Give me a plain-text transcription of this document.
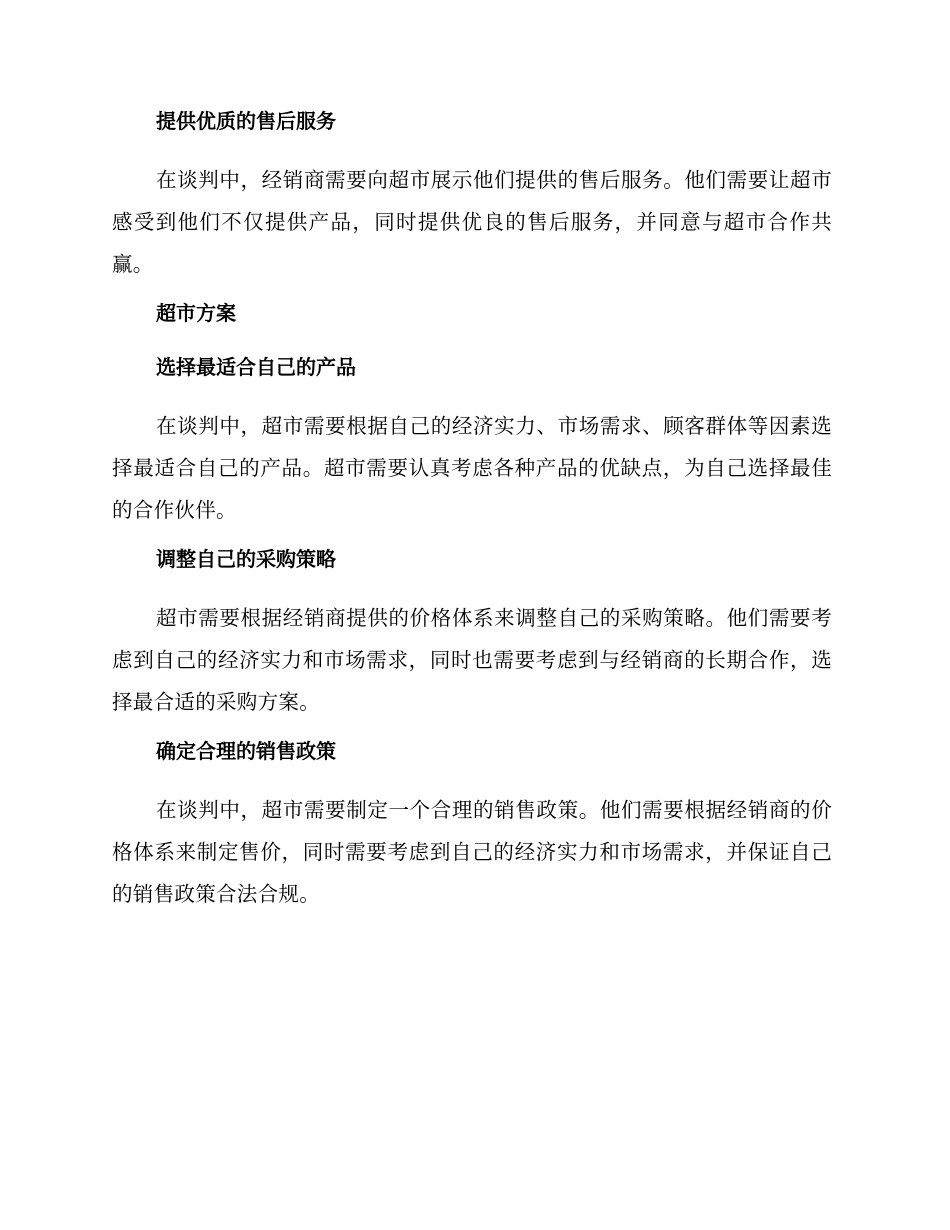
提供优质的售后服务

在谈判中，经销商需要向超市展示他们提供的售后服务。他们需要让超市感受到他们不仅提供产品，同时提供优良的售后服务，并同意与超市合作共赢。

超市方案
选择最适合自己的产品

在谈判中，超市需要根据自己的经济实力、市场需求、顾客群体等因素选择最适合自己的产品。超市需要认真考虑各种产品的优缺点，为自己选择最佳的合作伙伴。

调整自己的采购策略

超市需要根据经销商提供的价格体系来调整自己的采购策略。他们需要考虑到自己的经济实力和市场需求，同时也需要考虑到与经销商的长期合作，选择最合适的采购方案。

确定合理的销售政策

在谈判中，超市需要制定一个合理的销售政策。他们需要根据经销商的价格体系来制定售价，同时需要考虑到自己的经济实力和市场需求，并保证自己的销售政策合法合规。
